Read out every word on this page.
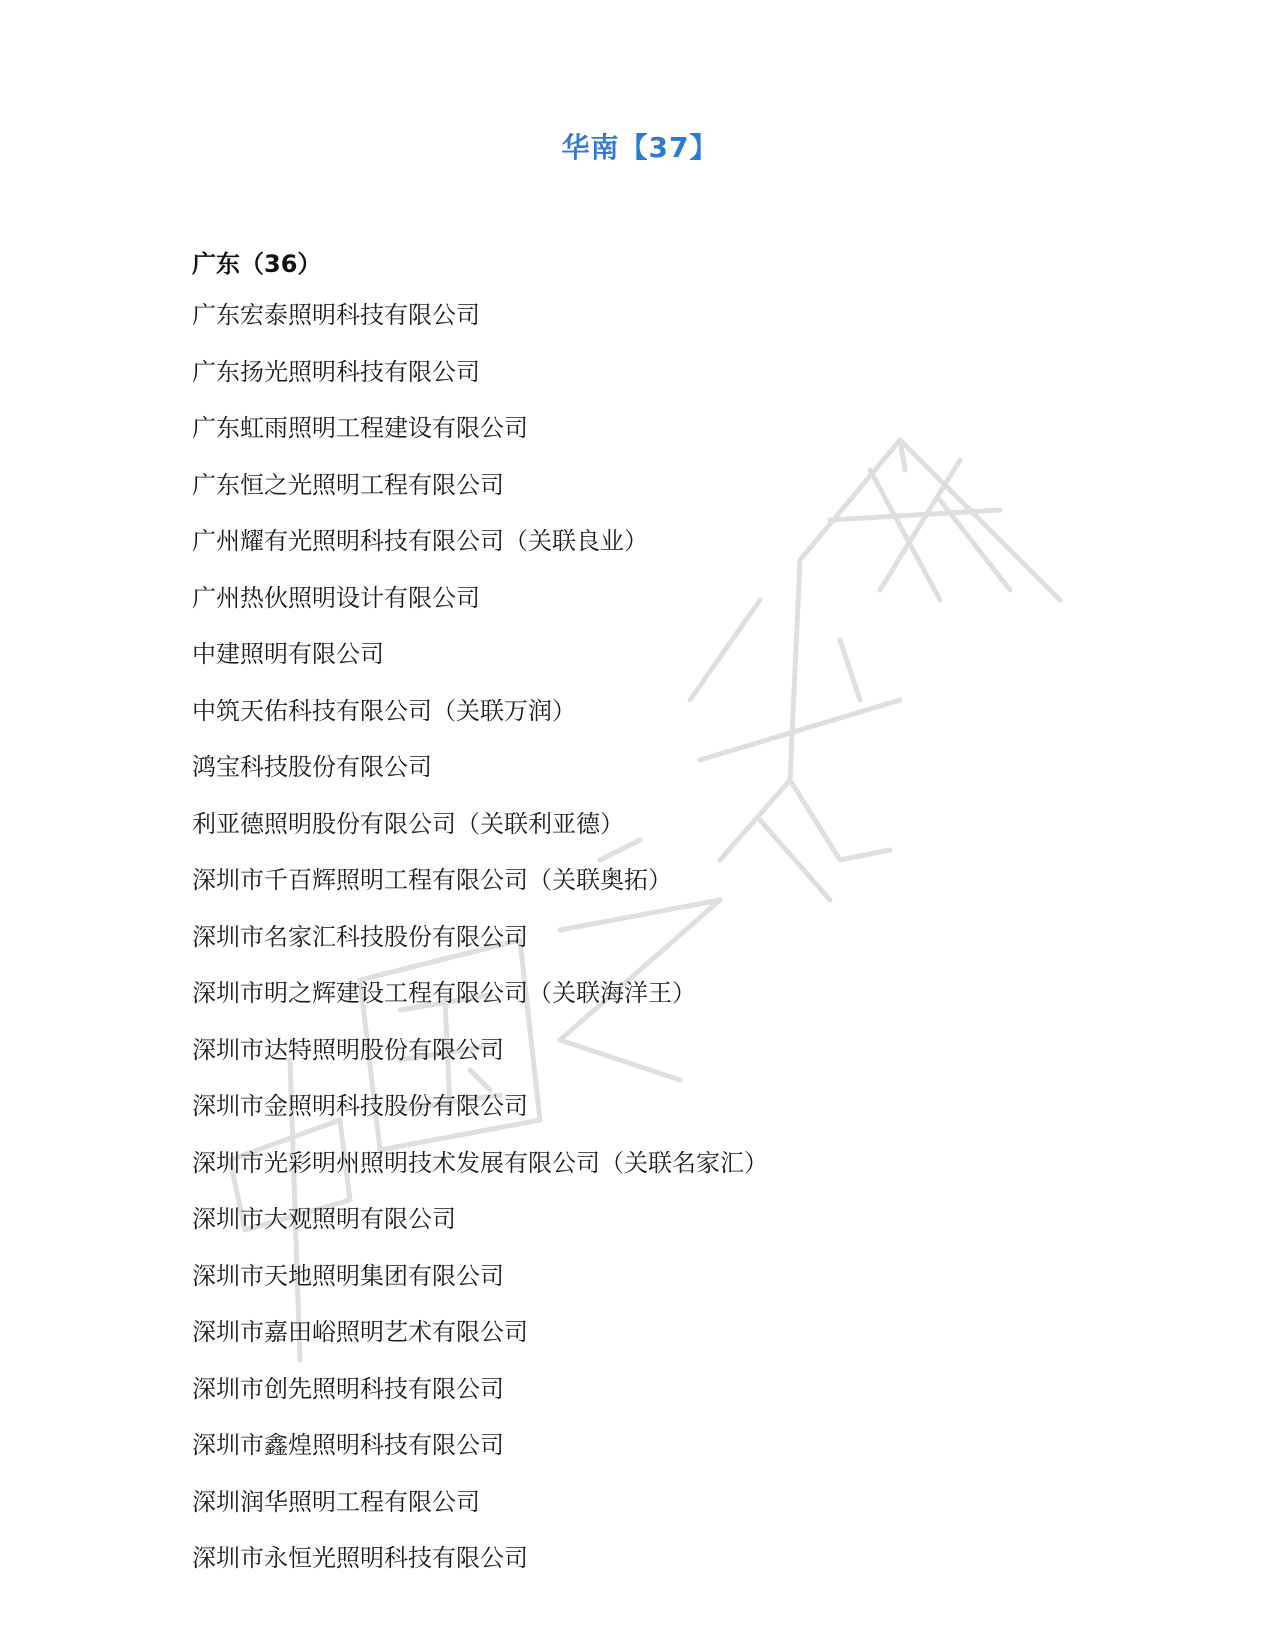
华南【37】
广东（36）
广东宏泰照明科技有限公司
广东扬光照明科技有限公司
广东虹雨照明工程建设有限公司
广东恒之光照明工程有限公司
广州耀有光照明科技有限公司（关联良业）
广州热伙照明设计有限公司
中建照明有限公司
中筑天佑科技有限公司（关联万润）
鸿宝科技股份有限公司
利亚德照明股份有限公司（关联利亚德）
深圳市千百辉照明工程有限公司（关联奥拓）
深圳市名家汇科技股份有限公司
深圳市明之辉建设工程有限公司（关联海洋王）
深圳市达特照明股份有限公司
深圳市金照明科技股份有限公司
深圳市光彩明州照明技术发展有限公司（关联名家汇）
深圳市大观照明有限公司
深圳市天地照明集团有限公司
深圳市嘉田峪照明艺术有限公司
深圳市创先照明科技有限公司
深圳市鑫煌照明科技有限公司
深圳润华照明工程有限公司
深圳市永恒光照明科技有限公司
